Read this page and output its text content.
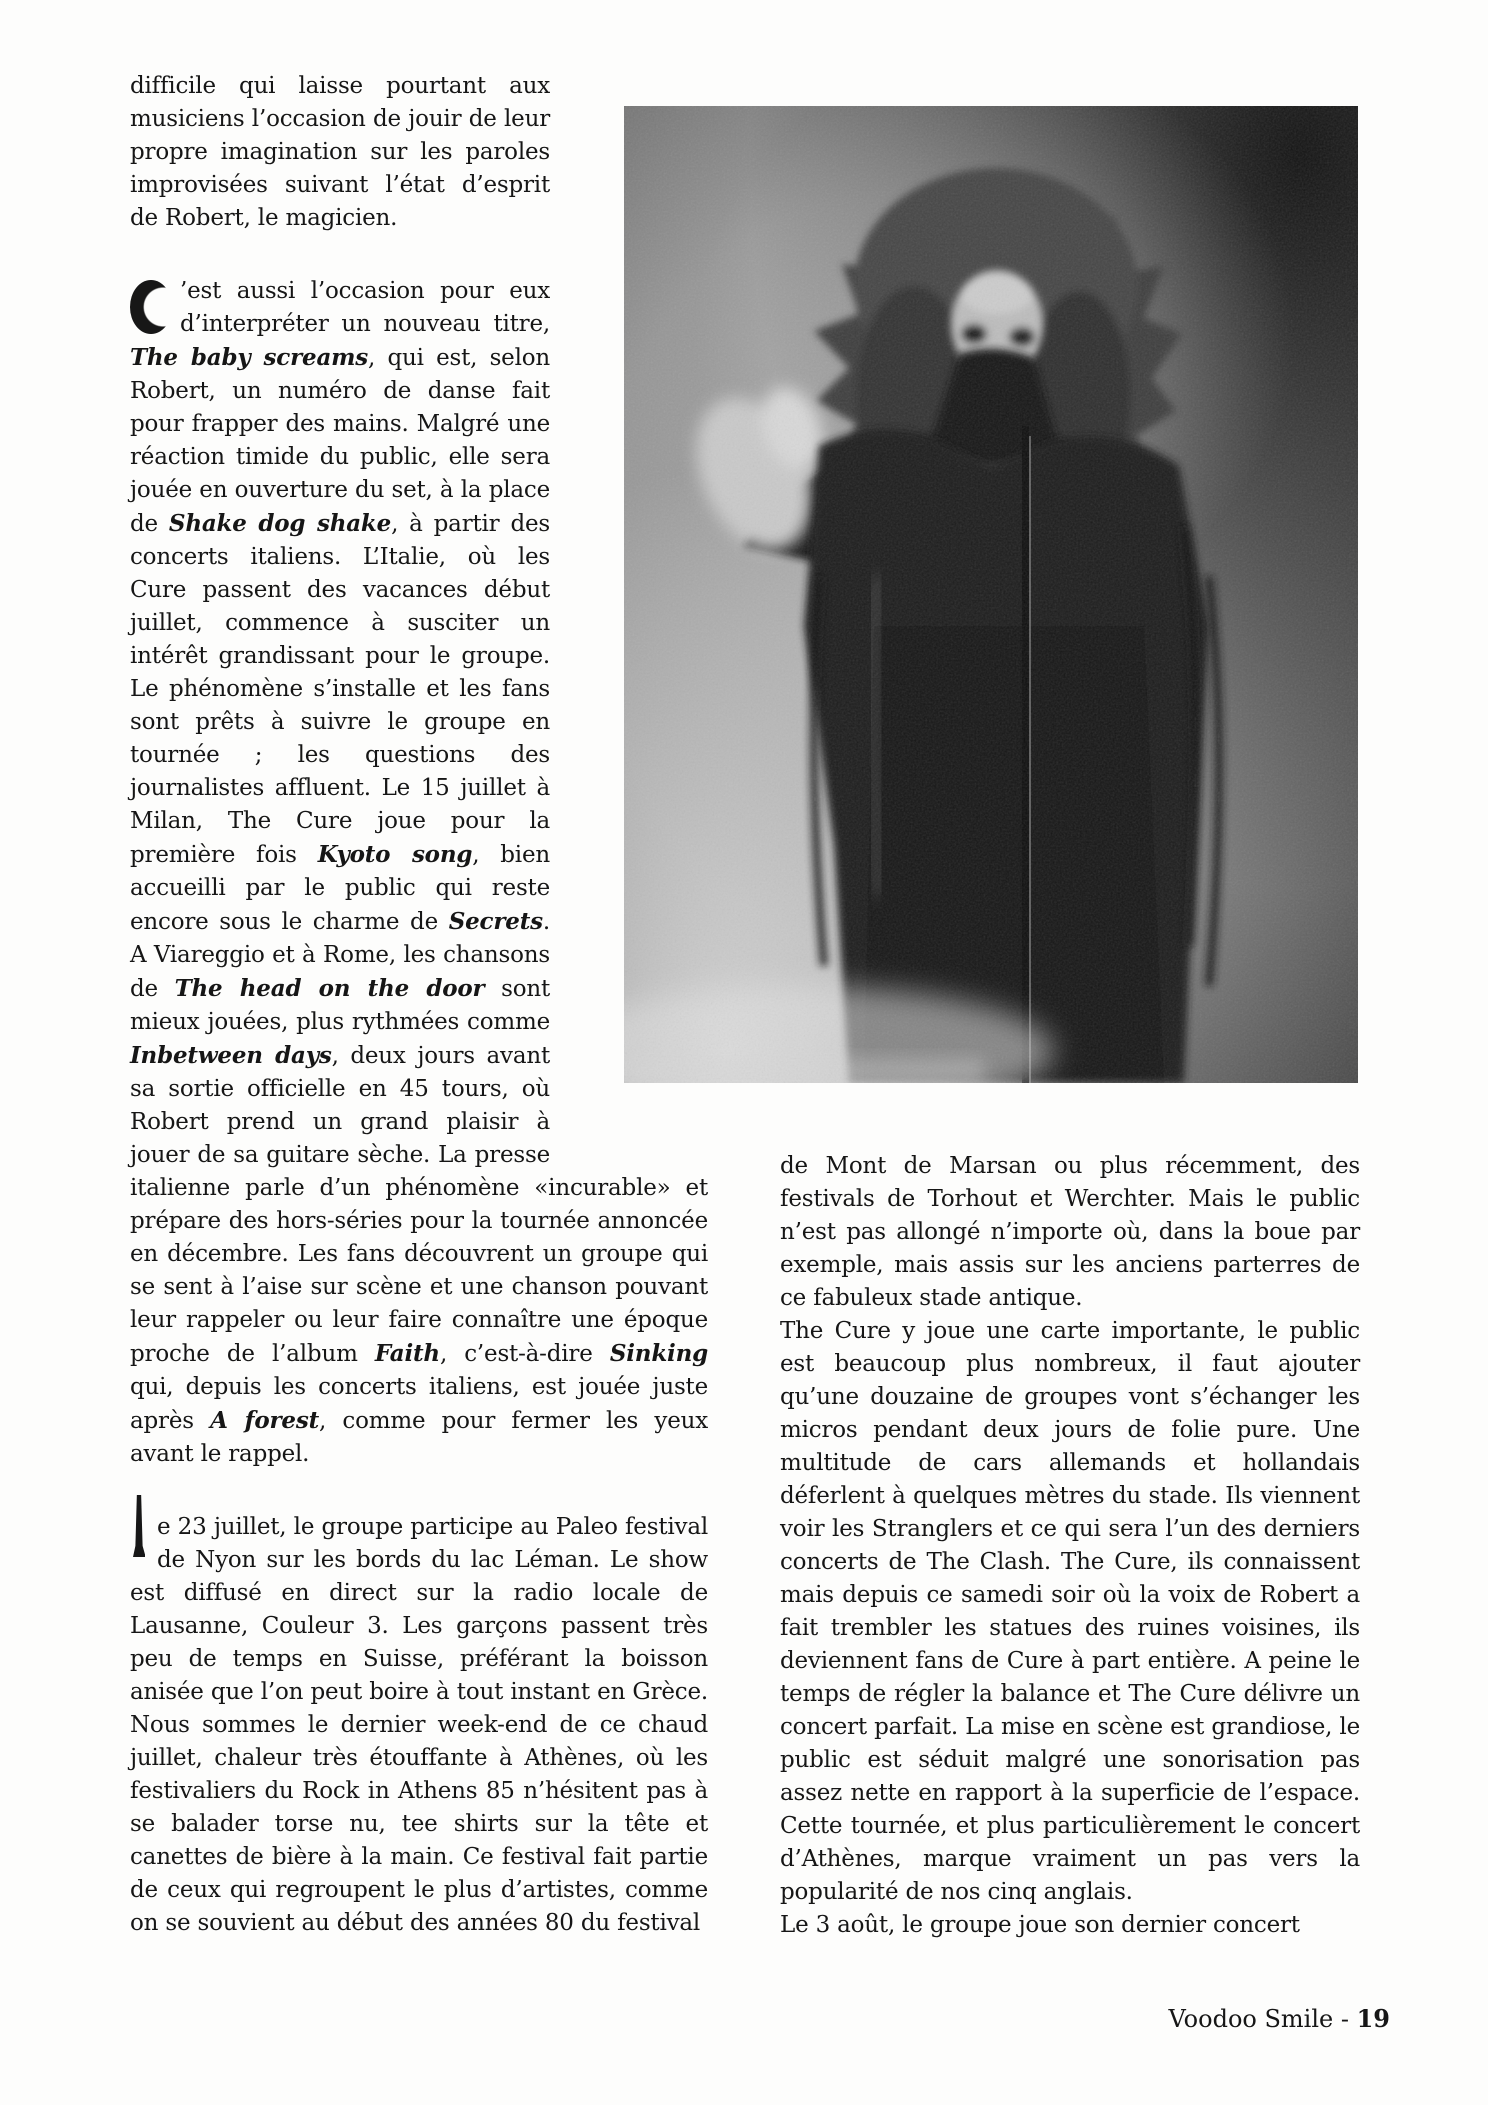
difficile qui laisse pourtant aux musiciens l’occasion de jouir de leur propre imagination sur les paroles improvisées suivant l’état d’esprit de Robert, le magicien.

’est aussi l’occasion pour eux d’interpréter un nouveau titre, The baby screams, qui est, selon Robert, un numéro de danse fait pour frapper des mains. Malgré une réaction timide du public, elle sera jouée en ouverture du set, à la place de Shake dog shake, à partir des concerts italiens. L’Italie, où les Cure passent des vacances début juillet, commence à susciter un intérêt grandissant pour le groupe. Le phénomène s’installe et les fans sont prêts à suivre le groupe en tournée ; les questions des journalistes affluent. Le 15 juillet à Milan, The Cure joue pour la première fois Kyoto song, bien accueilli par le public qui reste encore sous le charme de Secrets. A Viareggio et à Rome, les chansons de The head on the door sont mieux jouées, plus rythmées comme Inbetween days, deux jours avant sa sortie officielle en 45 tours, où Robert prend un grand plaisir à jouer de sa guitare sèche. La presse italienne parle d’un phénomène «incurable» et prépare des hors-séries pour la tournée annoncée en décembre. Les fans découvrent un groupe qui se sent à l’aise sur scène et une chanson pouvant leur rappeler ou leur faire connaître une époque proche de l’album Faith, c’est-à-dire Sinking qui, depuis les concerts italiens, est jouée juste après A forest, comme pour fermer les yeux avant le rappel.

e 23 juillet, le groupe participe au Paleo festival de Nyon sur les bords du lac Léman. Le show est diffusé en direct sur la radio locale de Lausanne, Couleur 3. Les garçons passent très peu de temps en Suisse, préférant la boisson anisée que l’on peut boire à tout instant en Grèce. Nous sommes le dernier week-end de ce chaud juillet, chaleur très étouffante à Athènes, où les festivaliers du Rock in Athens 85 n’hésitent pas à se balader torse nu, tee shirts sur la tête et canettes de bière à la main. Ce festival fait partie de ceux qui regroupent le plus d’artistes, comme on se souvient au début des années 80 du festival

de Mont de Marsan ou plus récemment, des festivals de Torhout et Werchter. Mais le public n’est pas allongé n’importe où, dans la boue par exemple, mais assis sur les anciens parterres de ce fabuleux stade antique.

The Cure y joue une carte importante, le public est beaucoup plus nombreux, il faut ajouter qu’une douzaine de groupes vont s’échanger les micros pendant deux jours de folie pure. Une multitude de cars allemands et hollandais déferlent à quelques mètres du stade. Ils viennent voir les Stranglers et ce qui sera l’un des derniers concerts de The Clash. The Cure, ils connaissent mais depuis ce samedi soir où la voix de Robert a fait trembler les statues des ruines voisines, ils deviennent fans de Cure à part entière. A peine le temps de régler la balance et The Cure délivre un concert parfait. La mise en scène est grandiose, le public est séduit malgré une sonorisation pas assez nette en rapport à la superficie de l’espace. Cette tournée, et plus particulièrement le concert d’Athènes, marque vraiment un pas vers la popularité de nos cinq anglais.

Le 3 août, le groupe joue son dernier concert

Voodoo Smile - 19
